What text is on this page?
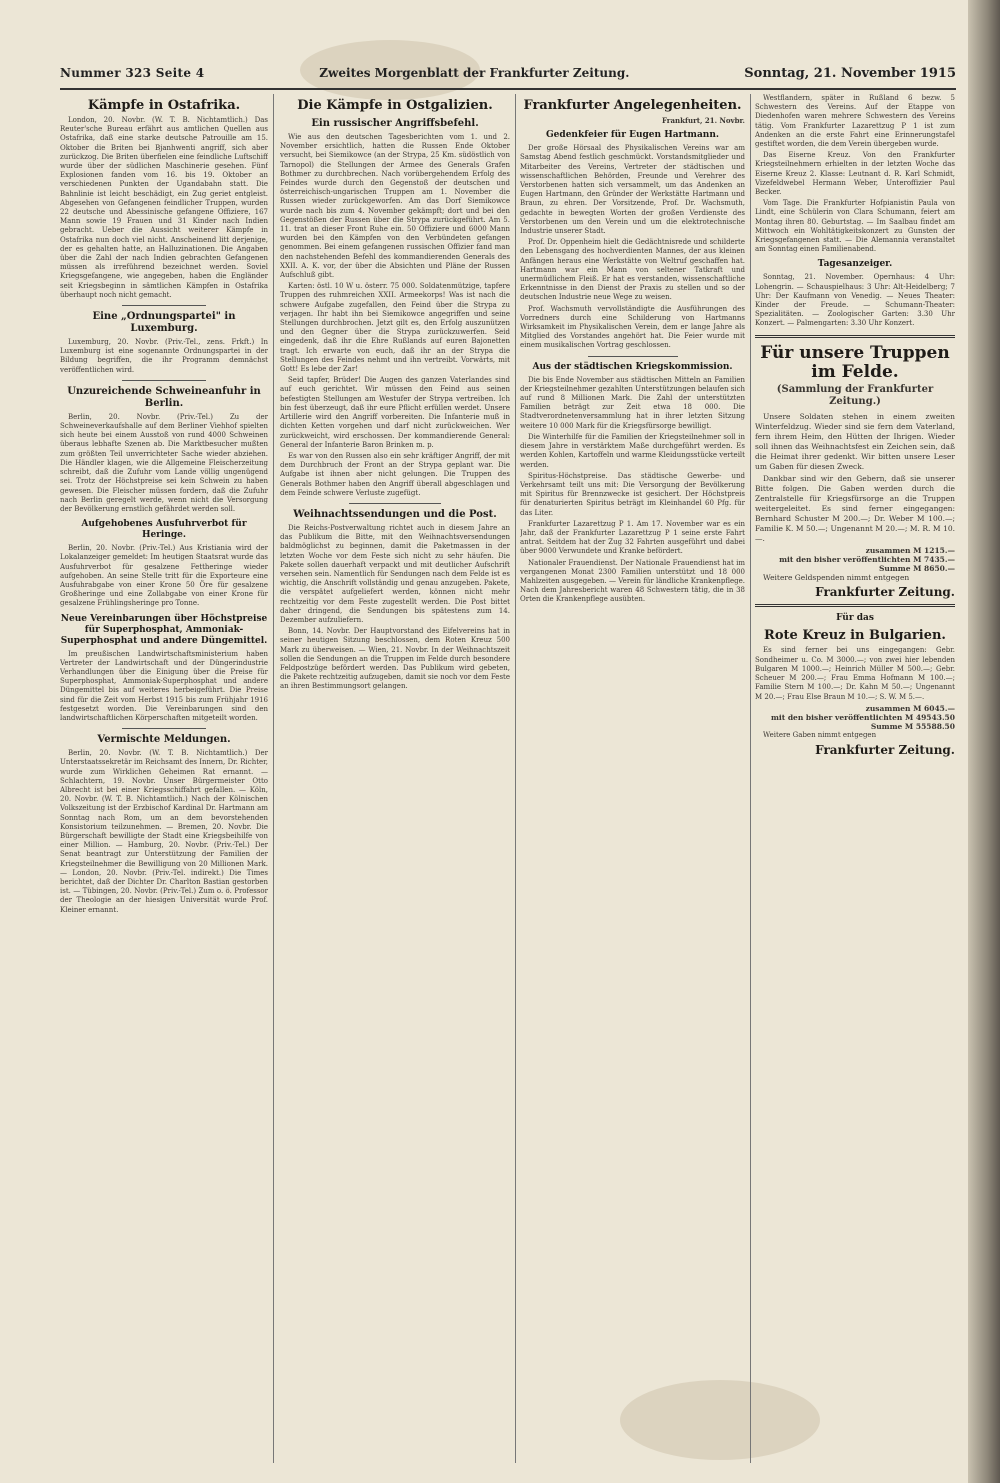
Nummer 323 Seite 4	Zweites Morgenblatt der Frankfurter Zeitung.	Sonntag, 21. November 1915
Kämpfe in Ostafrika.

London, 20. Novbr. (W. T. B. Nichtamtlich.) Das Reuter'sche Bureau erfährt aus amtlichen Quellen aus Ostafrika, daß eine starke deutsche Patrouille am 15. Oktober die Briten bei Bjanhwenti angriff, sich aber zurückzog. Die Briten überfielen eine feindliche Luftschiff wurde über der südlichen Maschinerie gesehen. Fünf Explosionen fanden vom 16. bis 19. Oktober an verschiedenen Punkten der Ugandabahn statt. Die Bahnlinie ist leicht beschädigt, ein Zug geriet entgleist. Abgesehen von Gefangenen feindlicher Truppen, wurden 22 deutsche und Abessinische gefangene Offiziere, 167 Mann sowie 19 Frauen und 31 Kinder nach Indien gebracht. Ueber die Aussicht weiterer Kämpfe in Ostafrika nun doch viel nicht. Anscheinend litt derjenige, der es gehalten hatte, an Halluzinationen. Die Angaben über die Zahl der nach Indien gebrachten Gefangenen müssen als irreführend bezeichnet werden. Soviel Kriegsgefangene, wie angegeben, haben die Engländer seit Kriegsbeginn in sämtlichen Kämpfen in Ostafrika überhaupt noch nicht gemacht.

Eine „Ordnungspartei" in Luxemburg.

Luxemburg, 20. Novbr. (Priv.-Tel., zens. Frkft.) In Luxemburg ist eine sogenannte Ordnungspartei in der Bildung begriffen, die ihr Programm demnächst veröffentlichen wird.

Unzureichende Schweineanfuhr in Berlin.

Berlin, 20. Novbr. (Priv.-Tel.) Zu der Schweineverkaufshalle auf dem Berliner Viehhof spielten sich heute bei einem Ausstoß von rund 4000 Schweinen überaus lebhafte Szenen ab. Die Marktbesucher mußten zum größten Teil unverrichteter Sache wieder abziehen. Die Händler klagen, wie die Allgemeine Fleischerzeitung schreibt, daß die Zufuhr vom Lande völlig ungenügend sei. Trotz der Höchstpreise sei kein Schwein zu haben gewesen. Die Fleischer müssen fordern, daß die Zufuhr nach Berlin geregelt werde, wenn nicht die Versorgung der Bevölkerung ernstlich gefährdet werden soll.

Aufgehobenes Ausfuhrverbot für Heringe.

Berlin, 20. Novbr. (Priv.-Tel.) Aus Kristiania wird der Lokalanzeiger gemeldet: Im heutigen Staatsrat wurde das Ausfuhrverbot für gesalzene Fettheringe wieder aufgehoben. An seine Stelle tritt für die Exporteure eine Ausfuhrabgabe von einer Krone 50 Öre für gesalzene Großheringe und eine Zollabgabe von einer Krone für gesalzene Frühlingsheringe pro Tonne.

Neue Vereinbarungen über Höchstpreise für Superphosphat, Ammoniak-Superphosphat und andere Düngemittel.

Im preußischen Landwirtschaftsministerium haben Vertreter der Landwirtschaft und der Düngerindustrie Verhandlungen über die Einigung über die Preise für Superphosphat, Ammoniak-Superphosphat und andere Düngemittel bis auf weiteres herbeigeführt. Die Preise sind für die Zeit vom Herbst 1915 bis zum Frühjahr 1916 festgesetzt worden. Die Vereinbarungen sind den landwirtschaftlichen Körperschaften mitgeteilt worden.

Vermischte Meldungen.

Berlin, 20. Novbr. (W. T. B. Nichtamtlich.) Der Unterstaatssekretär im Reichsamt des Innern, Dr. Richter, wurde zum Wirklichen Geheimen Rat ernannt. — Schlachtern, 19. Novbr. Unser Bürgermeister Otto Albrecht ist bei einer Kriegsschiffahrt gefallen. — Köln, 20. Novbr. (W. T. B. Nichtamtlich.) Nach der Kölnischen Volkszeitung ist der Erzbischof Kardinal Dr. Hartmann am Sonntag nach Rom, um an dem bevorstehenden Konsistorium teilzunehmen. — Bremen, 20. Novbr. Die Bürgerschaft bewilligte der Stadt eine Kriegsbeihilfe von einer Million. — Hamburg, 20. Novbr. (Priv.-Tel.) Der Senat beantragt zur Unterstützung der Familien der Kriegsteilnehmer die Bewilligung von 20 Millionen Mark. — London, 20. Novbr. (Priv.-Tel. indirekt.) Die Times berichtet, daß der Dichter Dr. Charlton Bastian gestorben ist. — Tübingen, 20. Novbr. (Priv.-Tel.) Zum o. ö. Professor der Theologie an der hiesigen Universität wurde Prof. Kleiner ernannt.

Die Kämpfe in Ostgalizien.
Ein russischer Angriffsbefehl.

Wie aus den deutschen Tagesberichten vom 1. und 2. November ersichtlich, hatten die Russen Ende Oktober versucht, bei Siemikowce (an der Strypa, 25 Km. südöstlich von Tarnopol) die Stellungen der Armee des Generals Grafen Bothmer zu durchbrechen. Nach vorübergehendem Erfolg des Feindes wurde durch den Gegenstoß der deutschen und österreichisch-ungarischen Truppen am 1. November die Russen wieder zurückgeworfen. Am das Dorf Siemikowce wurde nach bis zum 4. November gekämpft; dort und bei den Gegenstößen der Russen über die Strypa zurückgeführt. Am 5. 11. trat an dieser Front Ruhe ein. 50 Offiziere und 6000 Mann wurden bei den Kämpfen von den Verbündeten gefangen genommen. Bei einem gefangenen russischen Offizier fand man den nachstehenden Befehl des kommandierenden Generals des XXII. A. K. vor, der über die Absichten und Pläne der Russen Aufschluß gibt.

Karten: östl. 10 W u. österr. 75 000. Soldatenmützige, tapfere Truppen des ruhmreichen XXII. Armeekorps! Was ist nach die schwere Aufgabe zugefallen, den Feind über die Strypa zu verjagen. Ihr habt ihn bei Siemikowce angegriffen und seine Stellungen durchbrochen. Jetzt gilt es, den Erfolg auszunützen und den Gegner über die Strypa zurückzuwerfen. Seid eingedenk, daß ihr die Ehre Rußlands auf euren Bajonetten tragt. Ich erwarte von euch, daß ihr an der Strypa die Stellungen des Feindes nehmt und ihn vertreibt. Vorwärts, mit Gott! Es lebe der Zar!

Seid tapfer, Brüder! Die Augen des ganzen Vaterlandes sind auf euch gerichtet. Wir müssen den Feind aus seinen befestigten Stellungen am Westufer der Strypa vertreiben. Ich bin fest überzeugt, daß ihr eure Pflicht erfüllen werdet. Unsere Artillerie wird den Angriff vorbereiten. Die Infanterie muß in dichten Ketten vorgehen und darf nicht zurückweichen. Wer zurückweicht, wird erschossen. Der kommandierende General: General der Infanterie Baron Brinken m. p.

Es war von den Russen also ein sehr kräftiger Angriff, der mit dem Durchbruch der Front an der Strypa geplant war. Die Aufgabe ist ihnen aber nicht gelungen. Die Truppen des Generals Bothmer haben den Angriff überall abgeschlagen und dem Feinde schwere Verluste zugefügt.

Weihnachtssendungen und die Post.

Die Reichs-Postverwaltung richtet auch in diesem Jahre an das Publikum die Bitte, mit den Weihnachtsversendungen baldmöglichst zu beginnen, damit die Paketmassen in der letzten Woche vor dem Feste sich nicht zu sehr häufen. Die Pakete sollen dauerhaft verpackt und mit deutlicher Aufschrift versehen sein. Namentlich für Sendungen nach dem Felde ist es wichtig, die Anschrift vollständig und genau anzugeben. Pakete, die verspätet aufgeliefert werden, können nicht mehr rechtzeitig vor dem Feste zugestellt werden. Die Post bittet daher dringend, die Sendungen bis spätestens zum 14. Dezember aufzuliefern.

Bonn, 14. Novbr. Der Hauptvorstand des Eifelvereins hat in seiner heutigen Sitzung beschlossen, dem Roten Kreuz 500 Mark zu überweisen. — Wien, 21. Novbr. In der Weihnachtszeit sollen die Sendungen an die Truppen im Felde durch besondere Feldpostzüge befördert werden. Das Publikum wird gebeten, die Pakete rechtzeitig aufzugeben, damit sie noch vor dem Feste an ihren Bestimmungsort gelangen.

Frankfurter Angelegenheiten.
Frankfurt, 21. Novbr.
Gedenkfeier für Eugen Hartmann.

Der große Hörsaal des Physikalischen Vereins war am Samstag Abend festlich geschmückt. Vorstandsmitglieder und Mitarbeiter des Vereins, Vertreter der städtischen und wissenschaftlichen Behörden, Freunde und Verehrer des Verstorbenen hatten sich versammelt, um das Andenken an Eugen Hartmann, den Gründer der Werkstätte Hartmann und Braun, zu ehren. Der Vorsitzende, Prof. Dr. Wachsmuth, gedachte in bewegten Worten der großen Verdienste des Verstorbenen um den Verein und um die elektrotechnische Industrie unserer Stadt.

Prof. Dr. Oppenheim hielt die Gedächtnisrede und schilderte den Lebensgang des hochverdienten Mannes, der aus kleinen Anfängen heraus eine Werkstätte von Weltruf geschaffen hat. Hartmann war ein Mann von seltener Tatkraft und unermüdlichem Fleiß. Er hat es verstanden, wissenschaftliche Erkenntnisse in den Dienst der Praxis zu stellen und so der deutschen Industrie neue Wege zu weisen.

Prof. Wachsmuth vervollständigte die Ausführungen des Vorredners durch eine Schilderung von Hartmanns Wirksamkeit im Physikalischen Verein, dem er lange Jahre als Mitglied des Vorstandes angehört hat. Die Feier wurde mit einem musikalischen Vortrag geschlossen.

Aus der städtischen Kriegskommission.

Die bis Ende November aus städtischen Mitteln an Familien der Kriegsteilnehmer gezahlten Unterstützungen belaufen sich auf rund 8 Millionen Mark. Die Zahl der unterstützten Familien beträgt zur Zeit etwa 18 000. Die Stadtverordnetenversammlung hat in ihrer letzten Sitzung weitere 10 000 Mark für die Kriegsfürsorge bewilligt.

Die Winterhilfe für die Familien der Kriegsteilnehmer soll in diesem Jahre in verstärktem Maße durchgeführt werden. Es werden Kohlen, Kartoffeln und warme Kleidungsstücke verteilt werden.

Spiritus-Höchstpreise. Das städtische Gewerbe- und Verkehrsamt teilt uns mit: Die Versorgung der Bevölkerung mit Spiritus für Brennzwecke ist gesichert. Der Höchstpreis für denaturierten Spiritus beträgt im Kleinhandel 60 Pfg. für das Liter.

Frankfurter Lazarettzug P 1. Am 17. November war es ein Jahr, daß der Frankfurter Lazarettzug P 1 seine erste Fahrt antrat. Seitdem hat der Zug 32 Fahrten ausgeführt und dabei über 9000 Verwundete und Kranke befördert.

Nationaler Frauendienst. Der Nationale Frauendienst hat im vergangenen Monat 2300 Familien unterstützt und 18 000 Mahlzeiten ausgegeben. — Verein für ländliche Krankenpflege. Nach dem Jahresbericht waren 48 Schwestern tätig, die in 38 Orten die Krankenpflege ausübten.

Westflandern, später in Rußland 6 bezw. 5 Schwestern des Vereins. Auf der Etappe von Diedenhofen waren mehrere Schwestern des Vereins tätig. Vom Frankfurter Lazarettzug P 1 ist zum Andenken an die erste Fahrt eine Erinnerungstafel gestiftet worden, die dem Verein übergeben wurde.

Das Eiserne Kreuz. Von den Frankfurter Kriegsteilnehmern erhielten in der letzten Woche das Eiserne Kreuz 2. Klasse: Leutnant d. R. Karl Schmidt, Vizefeldwebel Hermann Weber, Unteroffizier Paul Becker.

Vom Tage. Die Frankfurter Hofpianistin Paula von Lindt, eine Schülerin von Clara Schumann, feiert am Montag ihren 80. Geburtstag. — Im Saalbau findet am Mittwoch ein Wohltätigkeitskonzert zu Gunsten der Kriegsgefangenen statt. — Die Alemannia veranstaltet am Sonntag einen Familienabend.

Tagesanzeiger.

Sonntag, 21. November. Opernhaus: 4 Uhr: Lohengrin. — Schauspielhaus: 3 Uhr: Alt-Heidelberg; 7 Uhr: Der Kaufmann von Venedig. — Neues Theater: Kinder der Freude. — Schumann-Theater: Spezialitäten. — Zoologischer Garten: 3.30 Uhr Konzert. — Palmengarten: 3.30 Uhr Konzert.

Für unsere Truppen im Felde.
(Sammlung der Frankfurter Zeitung.)

Unsere Soldaten stehen in einem zweiten Winterfeldzug. Wieder sind sie fern dem Vaterland, fern ihrem Heim, den Hütten der Ihrigen. Wieder soll ihnen das Weihnachtsfest ein Zeichen sein, daß die Heimat ihrer gedenkt. Wir bitten unsere Leser um Gaben für diesen Zweck.

Dankbar sind wir den Gebern, daß sie unserer Bitte folgen. Die Gaben werden durch die Zentralstelle für Kriegsfürsorge an die Truppen weitergeleitet. Es sind ferner eingegangen: Bernhard Schuster M 200.—; Dr. Weber M 100.—; Familie K. M 50.—; Ungenannt M 20.—; M. R. M 10.—.

zusammen M 1215.—
mit den bisher veröffentlichten M 7435.—
Summe M 8650.—

Weitere Geldspenden nimmt entgegen

Frankfurter Zeitung.
Für das
Rote Kreuz in Bulgarien.

Es sind ferner bei uns eingegangen: Gebr. Sondheimer u. Co. M 3000.—; von zwei hier lebenden Bulgaren M 1000.—; Heinrich Müller M 500.—; Gebr. Scheuer M 200.—; Frau Emma Hofmann M 100.—; Familie Stern M 100.—; Dr. Kahn M 50.—; Ungenannt M 20.—; Frau Else Braun M 10.—; S. W. M 5.—.

zusammen M 6045.—
mit den bisher veröffentlichten M 49543.50
Summe M 55588.50

Weitere Gaben nimmt entgegen

Frankfurter Zeitung.
